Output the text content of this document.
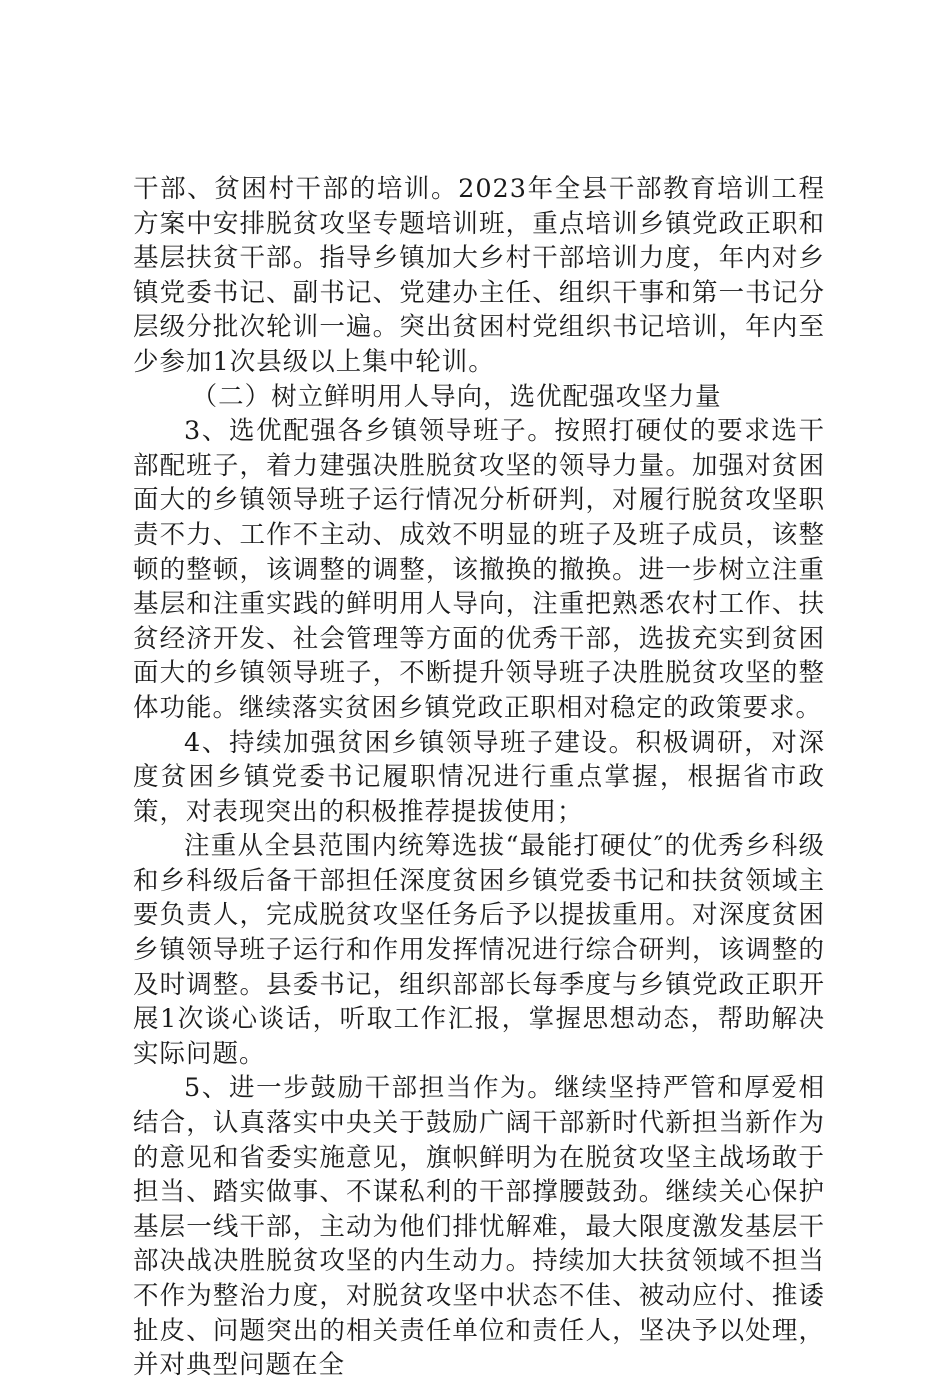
干部、贫困村干部的培训。2023年全县干部教育培训工程方案中安排脱贫攻坚专题培训班，重点培训乡镇党政正职和基层扶贫干部。指导乡镇加大乡村干部培训力度，年内对乡镇党委书记、副书记、党建办主任、组织干事和第一书记分层级分批次轮训一遍。突出贫困村党组织书记培训，年内至少参加1次县级以上集中轮训。

（二）树立鲜明用人导向，选优配强攻坚力量

3、选优配强各乡镇领导班子。按照打硬仗的要求选干部配班子，着力建强决胜脱贫攻坚的领导力量。加强对贫困面大的乡镇领导班子运行情况分析研判，对履行脱贫攻坚职责不力、工作不主动、成效不明显的班子及班子成员，该整顿的整顿，该调整的调整，该撤换的撤换。进一步树立注重基层和注重实践的鲜明用人导向，注重把熟悉农村工作、扶贫经济开发、社会管理等方面的优秀干部，选拔充实到贫困面大的乡镇领导班子，不断提升领导班子决胜脱贫攻坚的整体功能。继续落实贫困乡镇党政正职相对稳定的政策要求。

4、持续加强贫困乡镇领导班子建设。积极调研，对深度贫困乡镇党委书记履职情况进行重点掌握，根据省市政策，对表现突出的积极推荐提拔使用；

注重从全县范围内统筹选拔“最能打硬仗″的优秀乡科级和乡科级后备干部担任深度贫困乡镇党委书记和扶贫领域主要负责人，完成脱贫攻坚任务后予以提拔重用。对深度贫困乡镇领导班子运行和作用发挥情况进行综合研判，该调整的及时调整。县委书记，组织部部长每季度与乡镇党政正职开展1次谈心谈话，听取工作汇报，掌握思想动态，帮助解决实际问题。

5、进一步鼓励干部担当作为。继续坚持严管和厚爱相结合，认真落实中央关于鼓励广阔干部新时代新担当新作为的意见和省委实施意见，旗帜鲜明为在脱贫攻坚主战场敢于担当、踏实做事、不谋私利的干部撑腰鼓劲。继续关心保护基层一线干部，主动为他们排忧解难，最大限度激发基层干部决战决胜脱贫攻坚的内生动力。持续加大扶贫领域不担当不作为整治力度，对脱贫攻坚中状态不佳、被动应付、推诿扯皮、问题突出的相关责任单位和责任人，坚决予以处理，并对典型问题在全
